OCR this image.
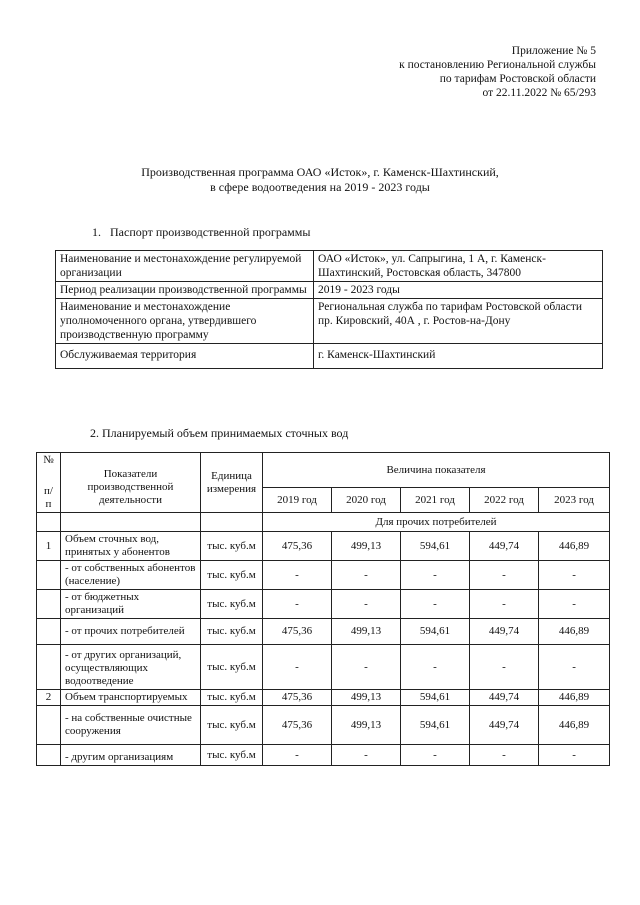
Приложение № 5
к постановлению Региональной службы
по тарифам Ростовской области
от 22.11.2022 № 65/293
Производственная программа ОАО «Исток», г. Каменск-Шахтинский,
в сфере водоотведения на 2019 - 2023 годы
1. Паспорт производственной программы
Наименование и местонахождение регулируемой организации	ОАО «Исток», ул. Сапрыгина, 1 А, г. Каменск-Шахтинский, Ростовская область, 347800
Период реализации производственной программы	2019 - 2023 годы
Наименование и местонахождение уполномоченного органа, утвердившего производственную программу	Региональная служба по тарифам Ростовской области
пр. Кировский, 40А , г. Ростов-на-Дону

Обслуживаемая территория	г. Каменск-Шахтинский
2. Планируемый объем принимаемых сточных вод
№
п/
п	Показатели производственной деятельности	Единица измерения	Величина показателя				
			2019 год	2020 год	2021 год	2022 год	2023 год
			Для прочих потребителей				
1	Объем сточных вод, принятых у абонентов	тыс. куб.м	475,36	499,13	594,61	449,74	446,89
	- от собственных абонентов (население)	тыс. куб.м	-	-	-	-	-
	- от бюджетных организаций	тыс. куб.м	-	-	-	-	-
	- от прочих потребителей	тыс. куб.м	475,36	499,13	594,61	449,74	446,89
	- от других организаций, осуществляющих водоотведение	тыс. куб.м	-	-	-	-	-
2	Объем транспортируемых	тыс. куб.м	475,36	499,13	594,61	449,74	446,89
	- на собственные очистные сооружения	тыс. куб.м	475,36	499,13	594,61	449,74	446,89
	- другим организациям	тыс. куб.м	-	-	-	-	-
